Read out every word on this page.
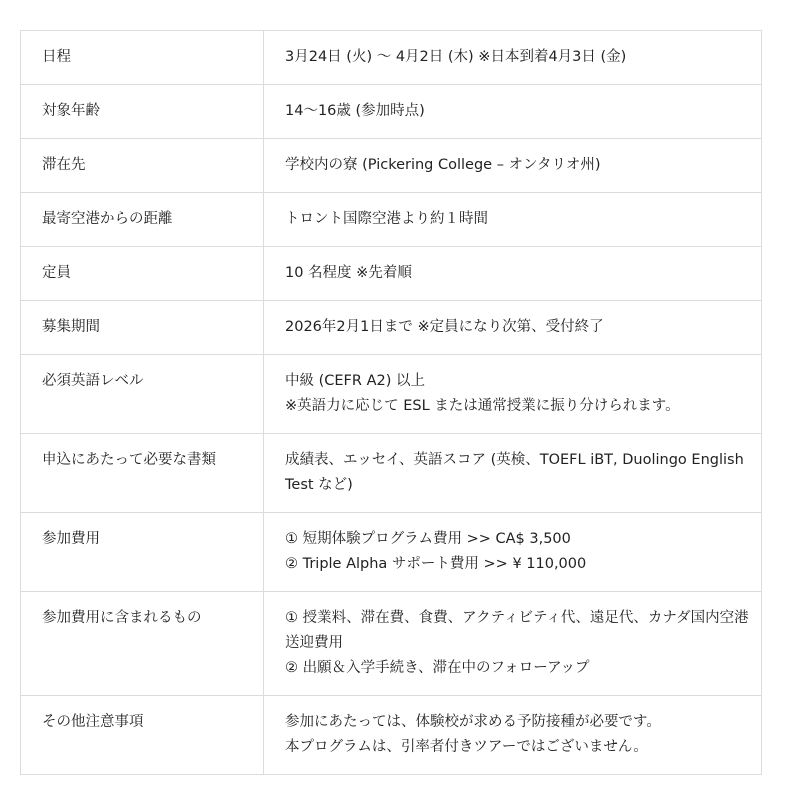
日程	3月24日 (火) 〜 4月2日 (木) ※日本到着4月3日 (金)

対象年齢	14〜16歳 (参加時点)

滞在先	学校内の寮 (Pickering College – オンタリオ州)

最寄空港からの距離	トロント国際空港より約１時間

定員	10 名程度 ※先着順

募集期間	2026年2月1日まで ※定員になり次第、受付終了

必須英語レベル	中級 (CEFR A2) 以上
※英語力に応じて ESL または通常授業に振り分けられます。

申込にあたって必要な書類	成績表、エッセイ、英語スコア (英検、TOEFL iBT, Duolingo English Test など)

参加費用	① 短期体験プログラム費用 >> CA$ 3,500
② Triple Alpha サポート費用 >> ¥ 110,000

参加費用に含まれるもの	① 授業料、滞在費、食費、アクティビティ代、遠足代、カナダ国内空港送迎費用
② 出願＆入学手続き、滞在中のフォローアップ

その他注意事項	参加にあたっては、体験校が求める予防接種が必要です。
本プログラムは、引率者付きツアーではございません。
